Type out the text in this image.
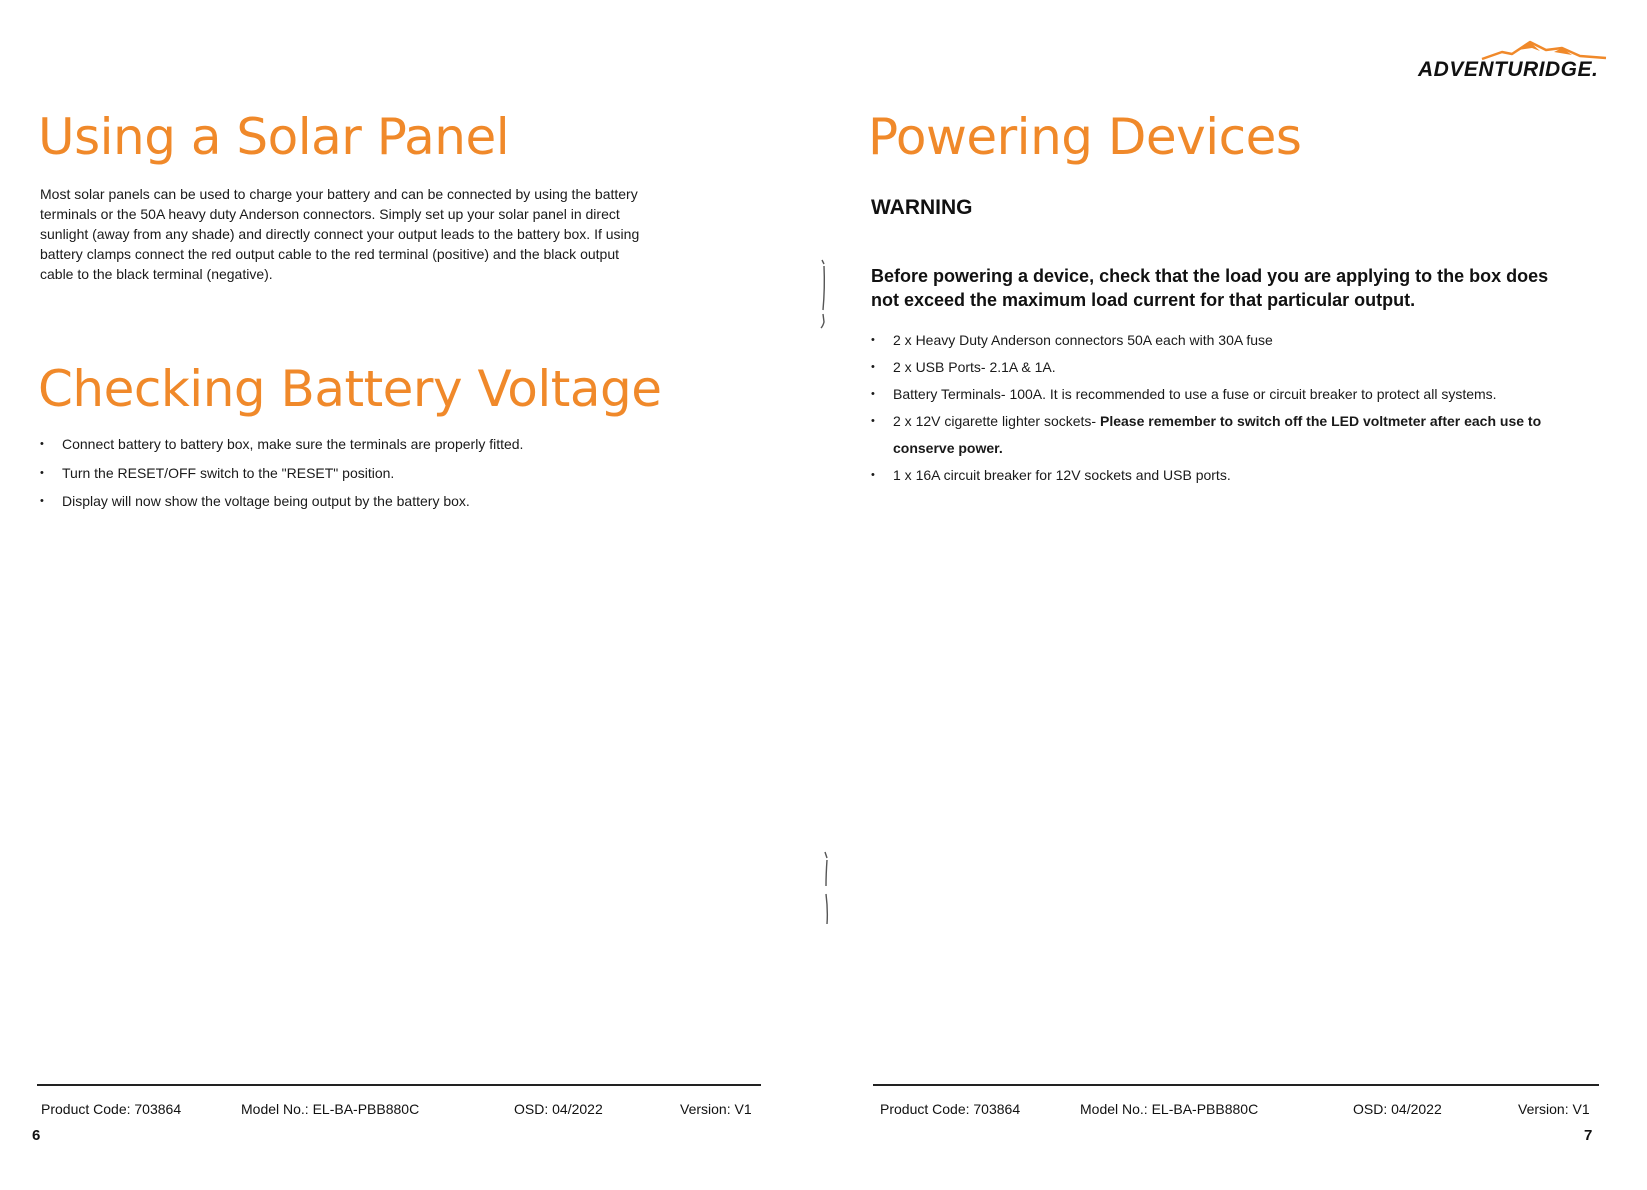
Using a Solar Panel
Most solar panels can be used to charge your battery and can be connected by using the battery
terminals or the 50A heavy duty Anderson connectors. Simply set up your solar panel in direct
sunlight (away from any shade) and directly connect your output leads to the battery box. If using
battery clamps connect the red output cable to the red terminal (positive) and the black output
cable to the black terminal (negative).
Checking Battery Voltage
• Connect battery to battery box, make sure the terminals are properly fitted.
• Turn the RESET/OFF switch to the "RESET" position.
• Display will now show the voltage being output by the battery box.
Product Code: 703864	Model No.: EL-BA-PBB880C	OSD: 04/2022	Version: V1
6
ADVENTURIDGE.
Powering Devices
WARNING
Before powering a device, check that the load you are applying to the box does
not exceed the maximum load current for that particular output.
• 2 x Heavy Duty Anderson connectors 50A each with 30A fuse
• 2 x USB Ports- 2.1A & 1A.
• Battery Terminals- 100A. It is recommended to use a fuse or circuit breaker to protect all systems.
• 2 x 12V cigarette lighter sockets- Please remember to switch off the LED voltmeter after each use to
conserve power.
• 1 x 16A circuit breaker for 12V sockets and USB ports.
Product Code: 703864	Model No.: EL-BA-PBB880C	OSD: 04/2022	Version: V1
7
